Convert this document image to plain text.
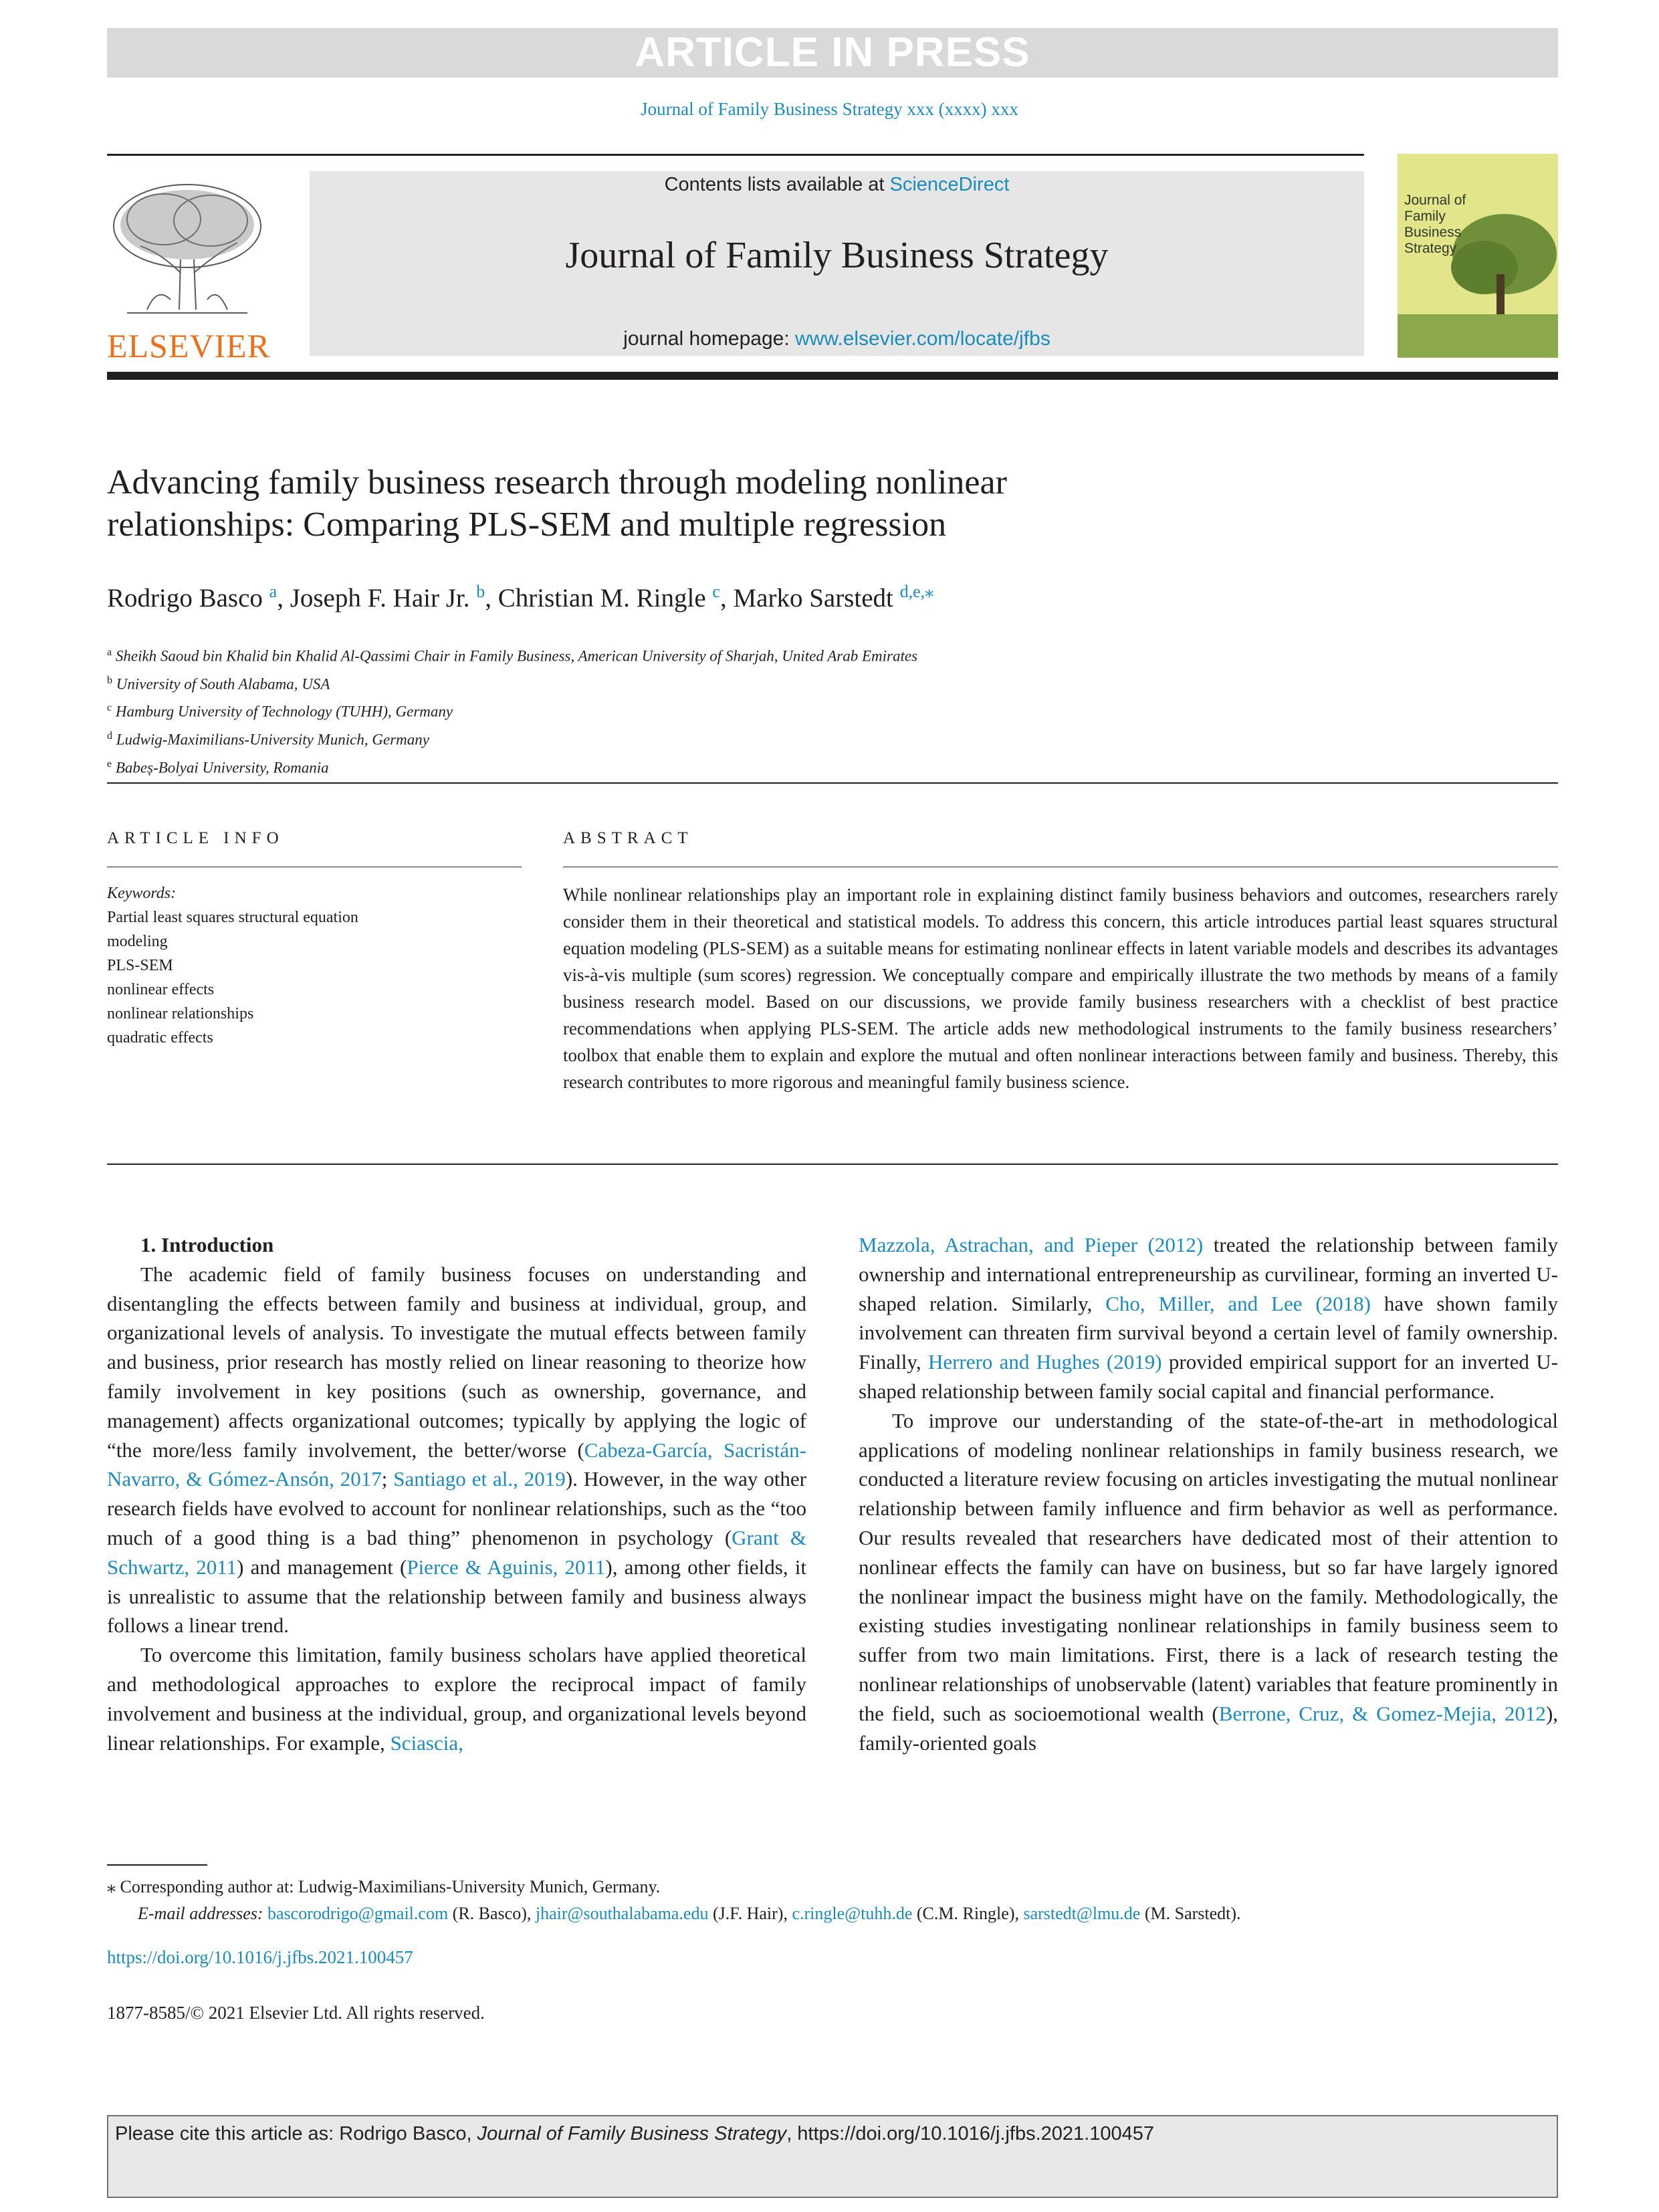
ARTICLE IN PRESS
Journal of Family Business Strategy xxx (xxxx) xxx
ELSEVIER
Contents lists available at ScienceDirect
Journal of Family Business Strategy
journal homepage: www.elsevier.com/locate/jfbs
Journal of
Family
Business
Strategy
Advancing family business research through modeling nonlinear
relationships: Comparing PLS-SEM and multiple regression
Rodrigo Basco $^a$, Joseph F. Hair Jr. $^b$, Christian M. Ringle $^c$, Marko Sarstedt $^{d,e,⁎}$
$^a$ Sheikh Saoud bin Khalid bin Khalid Al-Qassimi Chair in Family Business, American University of Sharjah, United Arab Emirates
$^b$ University of South Alabama, USA
$^c$ Hamburg University of Technology (TUHH), Germany
$^d$ Ludwig-Maximilians-University Munich, Germany
$^e$ Babeș-Bolyai University, Romania
ARTICLE INFO
Keywords:
Partial least squares structural equation
modeling
PLS-SEM
nonlinear effects
nonlinear relationships
quadratic effects
ABSTRACT

While nonlinear relationships play an important role in explaining distinct family business behaviors and outcomes, researchers rarely consider them in their theoretical and statistical models. To address this concern, this article introduces partial least squares structural equation modeling (PLS-SEM) as a suitable means for estimating nonlinear effects in latent variable models and describes its advantages vis-à-vis multiple (sum scores) regression. We conceptually compare and empirically illustrate the two methods by means of a family business research model. Based on our discussions, we provide family business researchers with a checklist of best practice recommendations when applying PLS-SEM. The article adds new methodological instruments to the family business researchers’ toolbox that enable them to explain and explore the mutual and often nonlinear interactions between family and business. Thereby, this research contributes to more rigorous and meaningful family business science.

1. Introduction

The academic field of family business focuses on understanding and disentangling the effects between family and business at individual, group, and organizational levels of analysis. To investigate the mutual effects between family and business, prior research has mostly relied on linear reasoning to theorize how family involvement in key positions (such as ownership, governance, and management) affects organizational outcomes; typically by applying the logic of “the more/less family involvement, the better/worse (Cabeza-García, Sacristán-Navarro, & Gómez-Ansón, 2017; Santiago et al., 2019). However, in the way other research fields have evolved to account for nonlinear relationships, such as the “too much of a good thing is a bad thing” phenomenon in psychology (Grant & Schwartz, 2011) and management (Pierce & Aguinis, 2011), among other fields, it is unrealistic to assume that the relationship between family and business always follows a linear trend.

To overcome this limitation, family business scholars have applied theoretical and methodological approaches to explore the reciprocal impact of family involvement and business at the individual, group, and organizational levels beyond linear relationships. For example, Sciascia,

Mazzola, Astrachan, and Pieper (2012) treated the relationship between family ownership and international entrepreneurship as curvilinear, forming an inverted U-shaped relation. Similarly, Cho, Miller, and Lee (2018) have shown family involvement can threaten firm survival beyond a certain level of family ownership. Finally, Herrero and Hughes (2019) provided empirical support for an inverted U-shaped relationship between family social capital and financial performance.

To improve our understanding of the state-of-the-art in methodological applications of modeling nonlinear relationships in family business research, we conducted a literature review focusing on articles investigating the mutual nonlinear relationship between family influence and firm behavior as well as performance. Our results revealed that researchers have dedicated most of their attention to nonlinear effects the family can have on business, but so far have largely ignored the nonlinear impact the business might have on the family. Methodologically, the existing studies investigating nonlinear relationships in family business seem to suffer from two main limitations. First, there is a lack of research testing the nonlinear relationships of unobservable (latent) variables that feature prominently in the field, such as socioemotional wealth (Berrone, Cruz, & Gomez-Mejia, 2012), family-oriented goals

⁎ Corresponding author at: Ludwig-Maximilians-University Munich, Germany.
E-mail addresses: bascorodrigo@gmail.com (R. Basco), jhair@southalabama.edu (J.F. Hair), c.ringle@tuhh.de (C.M. Ringle), sarstedt@lmu.de (M. Sarstedt).
https://doi.org/10.1016/j.jfbs.2021.100457
1877-8585/© 2021 Elsevier Ltd. All rights reserved.
Please cite this article as: Rodrigo Basco, Journal of Family Business Strategy, https://doi.org/10.1016/j.jfbs.2021.100457
